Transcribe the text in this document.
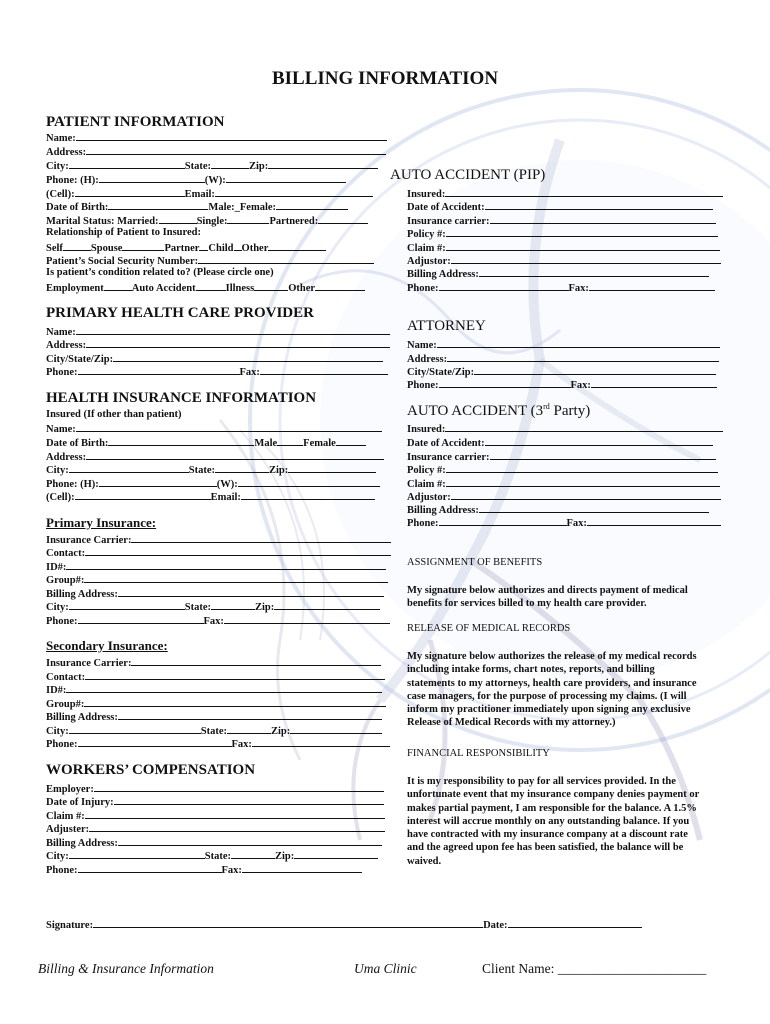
BILLING INFORMATION
PATIENT INFORMATION
Name:
Address:
City:	State:	Zip:
Phone: (H):	(W):
(Cell):	Email:
Date of Birth:	Male:_Female:
Marital Status: Married:	Single:	Partnered:
Relationship of Patient to Insured:
Self	Spouse	Partner Child Other
Patient’s Social Security Number:
Is patient’s condition related to? (Please circle one)
Employment	Auto Accident	Illness	Other
PRIMARY HEALTH CARE PROVIDER
Name:
Address:
City/State/Zip:
Phone:	Fax:
HEALTH INSURANCE INFORMATION
Insured (If other than patient)
Name:
Date of Birth:	Male Female
Address:
City:	State:	Zip:
Phone: (H):	(W):
(Cell):	Email:
Primary Insurance:
Insurance Carrier:
Contact:
ID#:
Group#:
Billing Address:
City:	State:	Zip:
Phone:	Fax:
Secondary Insurance:
Insurance Carrier:
Contact:
ID#:
Group#:
Billing Address:
City:	State:	Zip:
Phone:	Fax:
WORKERS’ COMPENSATION
Employer:
Date of Injury:
Claim #:
Adjuster:
Billing Address:
City:	State:	Zip:
Phone:	Fax:
AUTO ACCIDENT (PIP)
Insured:
Date of Accident:
Insurance carrier:
Policy #:
Claim #:
Adjustor:
Billing Address:
Phone:	Fax:
ATTORNEY
Name:
Address:
City/State/Zip:
Phone:	Fax:
AUTO ACCIDENT (3rd Party)
Insured:
Date of Accident:
Insurance carrier:
Policy #:
Claim #:
Adjustor:
Billing Address:
Phone:	Fax:
ASSIGNMENT OF BENEFITS
My signature below authorizes and directs payment of medical
benefits for services billed to my health care provider.
RELEASE OF MEDICAL RECORDS
My signature below authorizes the release of my medical records
including intake forms, chart notes, reports, and billing
statements to my attorneys, health care providers, and insurance
case managers, for the purpose of processing my claims. (I will
inform my practitioner immediately upon signing any exclusive
Release of Medical Records with my attorney.)
FINANCIAL RESPONSIBILITY
It is my responsibility to pay for all services provided. In the
unfortunate event that my insurance company denies payment or
makes partial payment, I am responsible for the balance. A 1.5%
interest will accrue monthly on any outstanding balance. If you
have contracted with my insurance company at a discount rate
and the agreed upon fee has been satisfied, the balance will be
waived.
Signature:	Date:
Billing & Insurance Information	Uma Clinic	Client Name: ______________________
